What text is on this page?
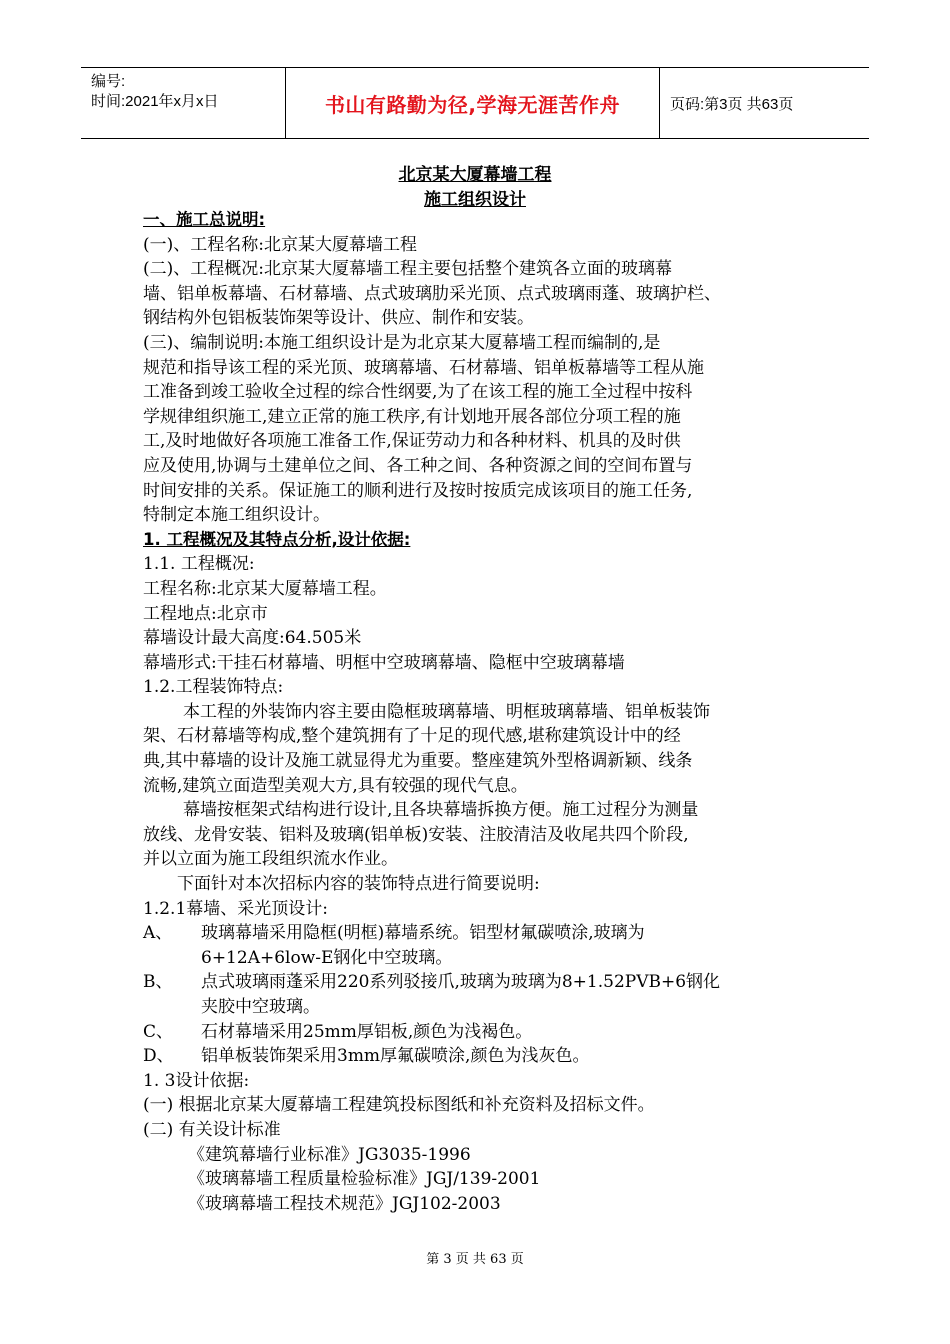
编号:
时间:2021年x月x日	书山有路勤为径,学海无涯苦作舟	页码:第3页 共63页
北京某大厦幕墙工程
施工组织设计

一、施工总说明:

(一)、工程名称:北京某大厦幕墙工程

(二)、工程概况:北京某大厦幕墙工程主要包括整个建筑各立面的玻璃幕

墙、铝单板幕墙、石材幕墙、点式玻璃肋采光顶、点式玻璃雨蓬、玻璃护栏、

钢结构外包铝板装饰架等设计、供应、制作和安装。

(三)、编制说明:本施工组织设计是为北京某大厦幕墙工程而编制的,是

规范和指导该工程的采光顶、玻璃幕墙、石材幕墙、铝单板幕墙等工程从施

工准备到竣工验收全过程的综合性纲要,为了在该工程的施工全过程中按科

学规律组织施工,建立正常的施工秩序,有计划地开展各部位分项工程的施

工,及时地做好各项施工准备工作,保证劳动力和各种材料、机具的及时供

应及使用,协调与土建单位之间、各工种之间、各种资源之间的空间布置与

时间安排的关系。保证施工的顺利进行及按时按质完成该项目的施工任务,

特制定本施工组织设计。

1. 工程概况及其特点分析,设计依据:

1.1. 工程概况:

工程名称:北京某大厦幕墙工程。

工程地点:北京市

幕墙设计最大高度:64.505米

幕墙形式:干挂石材幕墙、明框中空玻璃幕墙、隐框中空玻璃幕墙

1.2.工程装饰特点:

本工程的外装饰内容主要由隐框玻璃幕墙、明框玻璃幕墙、铝单板装饰

架、石材幕墙等构成,整个建筑拥有了十足的现代感,堪称建筑设计中的经

典,其中幕墙的设计及施工就显得尤为重要。整座建筑外型格调新颖、线条

流畅,建筑立面造型美观大方,具有较强的现代气息。

幕墙按框架式结构进行设计,且各块幕墙拆换方便。施工过程分为测量

放线、龙骨安装、铝料及玻璃(铝单板)安装、注胶清洁及收尾共四个阶段,

并以立面为施工段组织流水作业。

下面针对本次招标内容的装饰特点进行简要说明:

1.2.1幕墙、采光顶设计:

A、	玻璃幕墙采用隐框(明框)幕墙系统。铝型材氟碳喷涂,玻璃为
6+12A+6low-E钢化中空玻璃。
B、	点式玻璃雨蓬采用220系列驳接爪,玻璃为玻璃为8+1.52PVB+6钢化
夹胶中空玻璃。
C、	石材幕墙采用25mm厚铝板,颜色为浅褐色。
D、	铝单板装饰架采用3mm厚氟碳喷涂,颜色为浅灰色。

1. 3设计依据:

(一) 根据北京某大厦幕墙工程建筑投标图纸和补充资料及招标文件。

(二) 有关设计标准

《建筑幕墙行业标准》JG3035-1996

《玻璃幕墙工程质量检验标准》JGJ/139-2001

《玻璃幕墙工程技术规范》JGJ102-2003

第 3 页 共 63 页
